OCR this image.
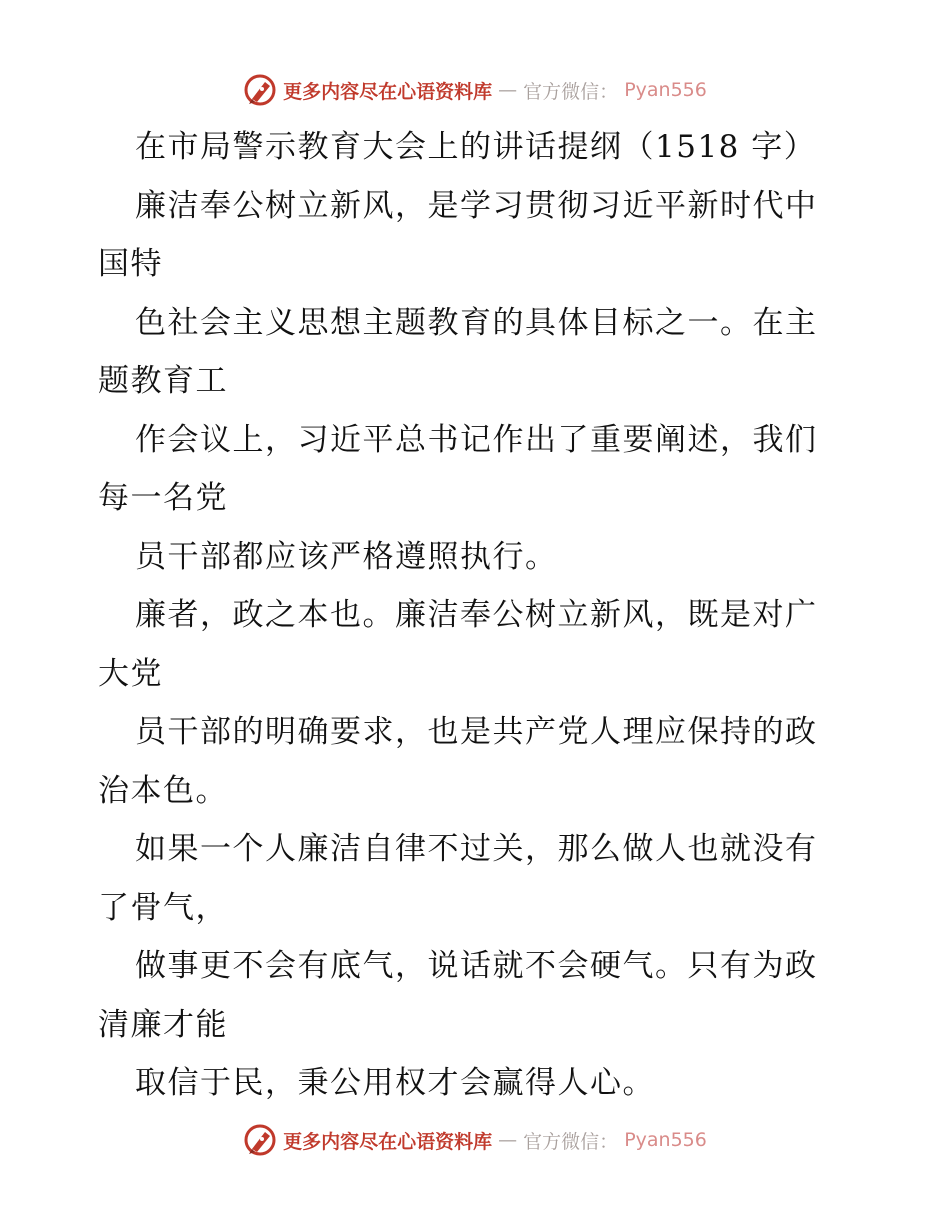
更多内容尽在心语资料库 — 官方微信： Pyan556
在市局警示教育大会上的讲话提纲（1518 字）
廉洁奉公树立新风，是学习贯彻习近平新时代中
国特
色社会主义思想主题教育的具体目标之一。在主
题教育工
作会议上，习近平总书记作出了重要阐述，我们
每一名党
员干部都应该严格遵照执行。
廉者，政之本也。廉洁奉公树立新风，既是对广
大党
员干部的明确要求，也是共产党人理应保持的政
治本色。
如果一个人廉洁自律不过关，那么做人也就没有
了骨气，
做事更不会有底气，说话就不会硬气。只有为政
清廉才能
取信于民，秉公用权才会赢得人心。
更多内容尽在心语资料库 — 官方微信： Pyan556
